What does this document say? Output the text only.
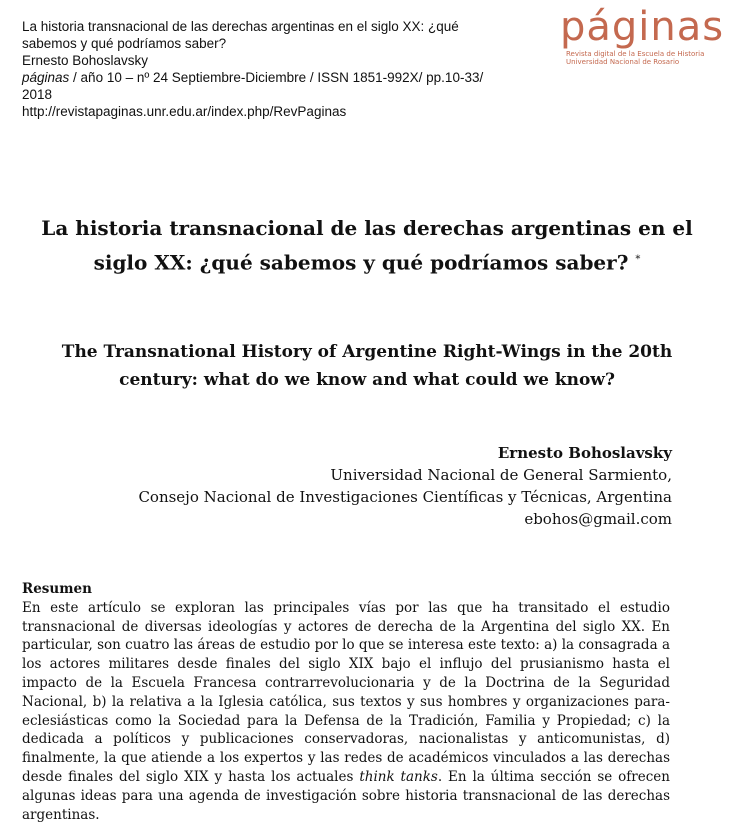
La historia transnacional de las derechas argentinas en el siglo XX: ¿qué
sabemos y qué podríamos saber?
Ernesto Bohoslavsky
páginas / año 10 – nº 24 Septiembre-Diciembre / ISSN 1851-992X/ pp.10-33/
2018
http://revistapaginas.unr.edu.ar/index.php/RevPaginas
páginas
Revista digital de la Escuela de Historia
Universidad Nacional de Rosario
La historia transnacional de las derechas argentinas en el
siglo XX: ¿qué sabemos y qué podríamos saber? *
The Transnational History of Argentine Right-Wings in the 20th
century: what do we know and what could we know?
Ernesto Bohoslavsky
Universidad Nacional de General Sarmiento,
Consejo Nacional de Investigaciones Científicas y Técnicas, Argentina
ebohos@gmail.com
Resumen
En este artículo se exploran las principales vías por las que ha transitado el estudio transnacional de diversas ideologías y actores de derecha de la Argentina del siglo XX. En particular, son cuatro las áreas de estudio por lo que se interesa este texto: a) la consagrada a los actores militares desde finales del siglo XIX bajo el influjo del prusianismo hasta el impacto de la Escuela Francesa contrarrevolucionaria y de la Doctrina de la Seguridad Nacional, b) la relativa a la Iglesia católica, sus textos y sus hombres y organizaciones para-eclesiásticas como la Sociedad para la Defensa de la Tradición, Familia y Propiedad; c) la dedicada a políticos y publicaciones conservadoras, nacionalistas y anticomunistas, d) finalmente, la que atiende a los expertos y las redes de académicos vinculados a las derechas desde finales del siglo XIX y hasta los actuales think tanks. En la última sección se ofrecen algunas ideas para una agenda de investigación sobre historia transnacional de las derechas argentinas.
